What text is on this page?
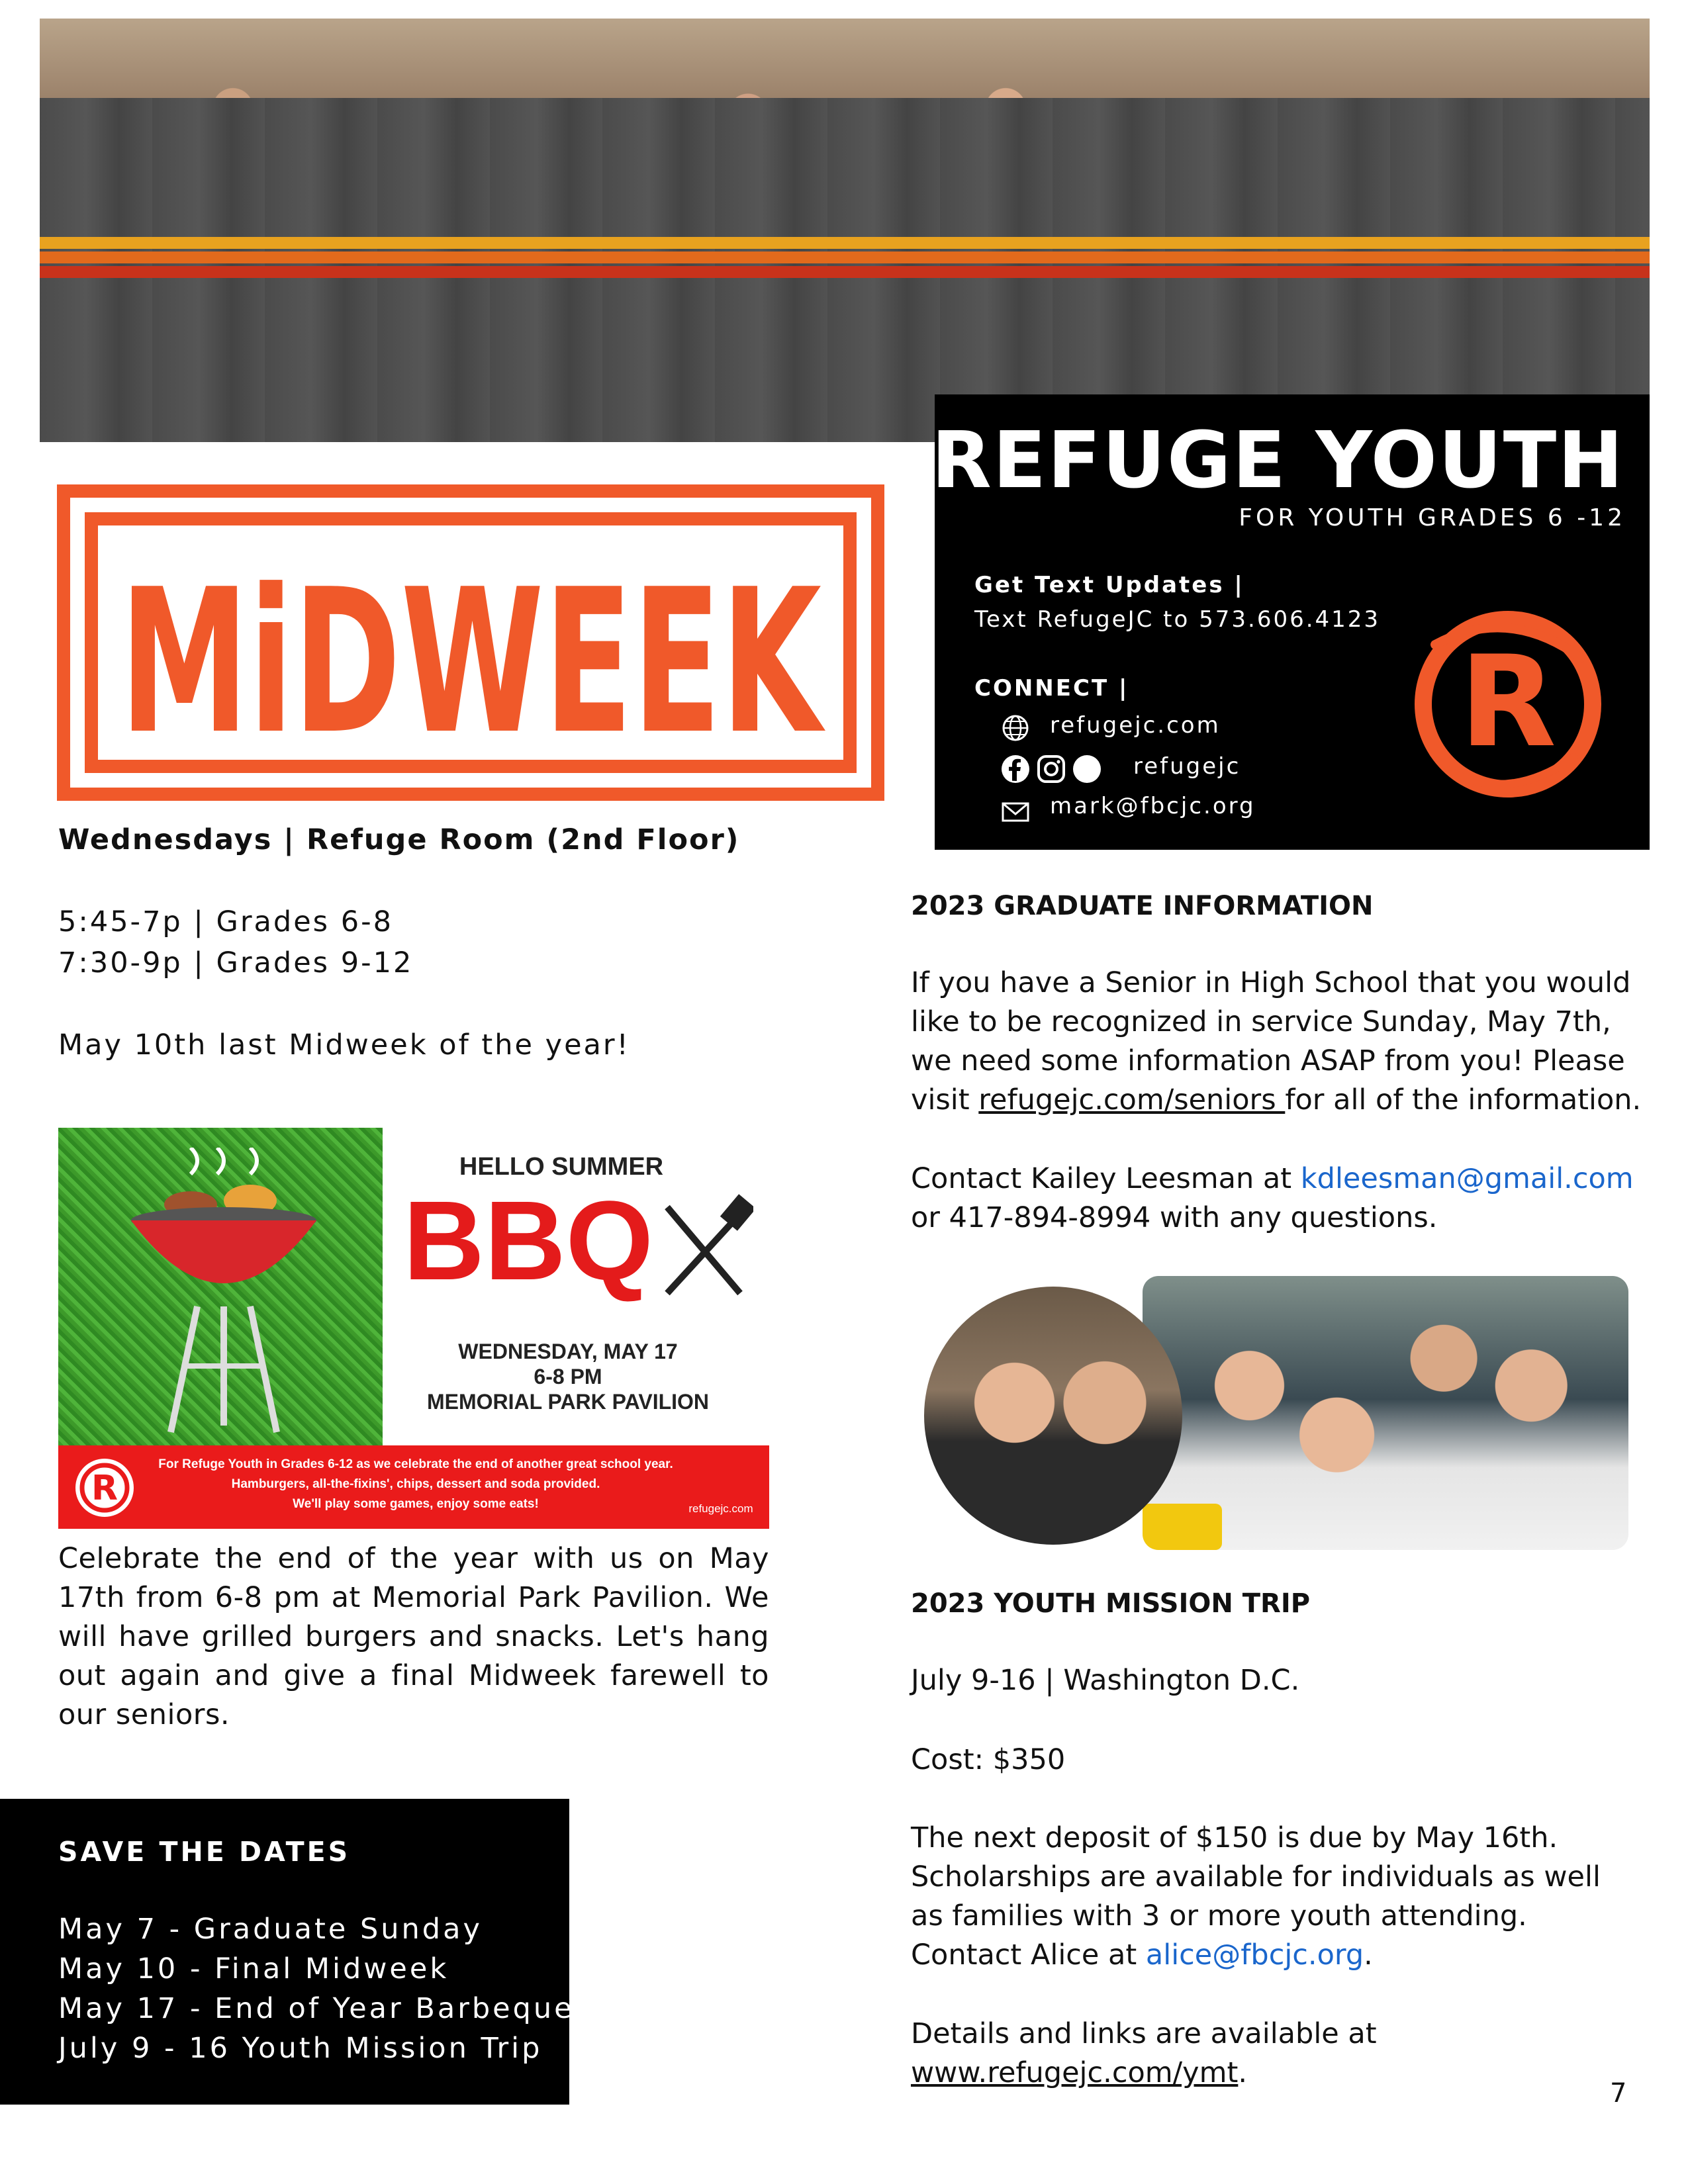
REFUGE YOUTH
FOR YOUTH GRADES 6 -12
Get Text Updates |
Text RefugeJC to 573.606.4123
CONNECT |
refugejc.com
refugejc
mark@fbcjc.org
R
MiDWEEK
Wednesdays | Refuge Room (2nd Floor)
5:45-7p | Grades 6-8
7:30-9p | Grades 9-12
May 10th last Midweek of the year!
HELLO SUMMER
BBQ
WEDNESDAY, MAY 17
6-8 PM
MEMORIAL PARK PAVILION
R
For Refuge Youth in Grades 6-12 as we celebrate the end of another great school year.
Hamburgers, all-the-fixins', chips, dessert and soda provided.
We'll play some games, enjoy some eats!	refugejc.com
Celebrate the end of the year with us on May 17th from 6-8 pm at Memorial Park Pavilion. We will have grilled burgers and snacks. Let's hang out again and give a final Midweek farewell to our seniors.
SAVE THE DATES
May 7 - Graduate Sunday
May 10 - Final Midweek
May 17 - End of Year Barbeque
July 9 - 16 Youth Mission Trip
2023 GRADUATE INFORMATION
If you have a Senior in High School that you would like to be recognized in service Sunday, May 7th, we need some information ASAP from you! Please visit refugejc.com/seniors for all of the information.
Contact Kailey Leesman at kdleesman@gmail.com or 417-894-8994 with any questions.
2023 YOUTH MISSION TRIP
July 9-16 | Washington D.C.
Cost: $350
The next deposit of $150 is due by May 16th. Scholarships are available for individuals as well as families with 3 or more youth attending. Contact Alice at alice@fbcjc.org.
Details and links are available at
www.refugejc.com/ymt.
7
